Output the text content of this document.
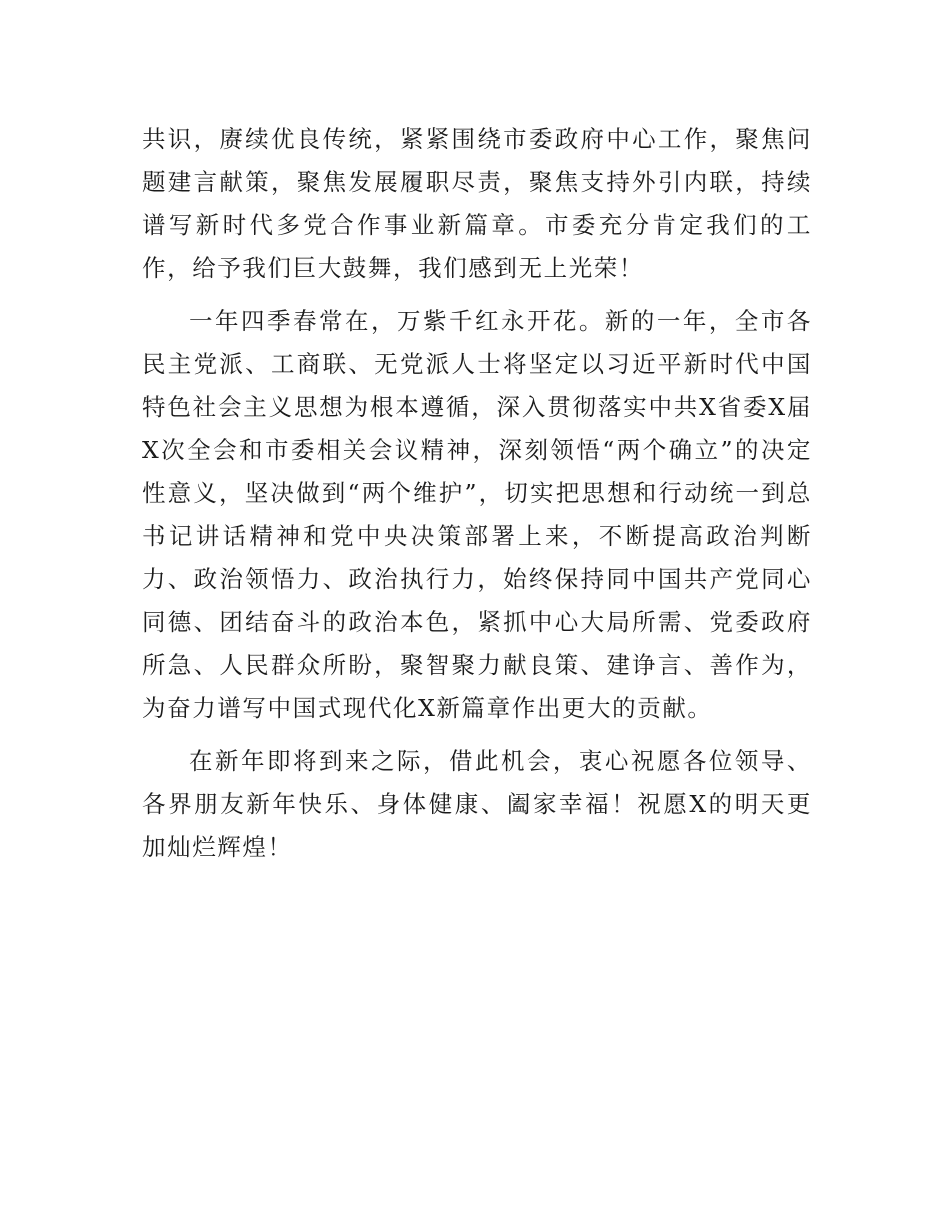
共识，赓续优良传统，紧紧围绕市委政府中心工作，聚焦问题建言献策，聚焦发展履职尽责，聚焦支持外引内联，持续谱写新时代多党合作事业新篇章。市委充分肯定我们的工作，给予我们巨大鼓舞，我们感到无上光荣！

一年四季春常在，万紫千红永开花。新的一年，全市各民主党派、工商联、无党派人士将坚定以习近平新时代中国特色社会主义思想为根本遵循，深入贯彻落实中共X省委X届X次全会和市委相关会议精神，深刻领悟“两个确立”的决定性意义，坚决做到“两个维护”，切实把思想和行动统一到总书记讲话精神和党中央决策部署上来，不断提高政治判断力、政治领悟力、政治执行力，始终保持同中国共产党同心同德、团结奋斗的政治本色，紧抓中心大局所需、党委政府所急、人民群众所盼，聚智聚力献良策、建诤言、善作为，为奋力谱写中国式现代化X新篇章作出更大的贡献。

在新年即将到来之际，借此机会，衷心祝愿各位领导、各界朋友新年快乐、身体健康、阖家幸福！祝愿X的明天更加灿烂辉煌！
